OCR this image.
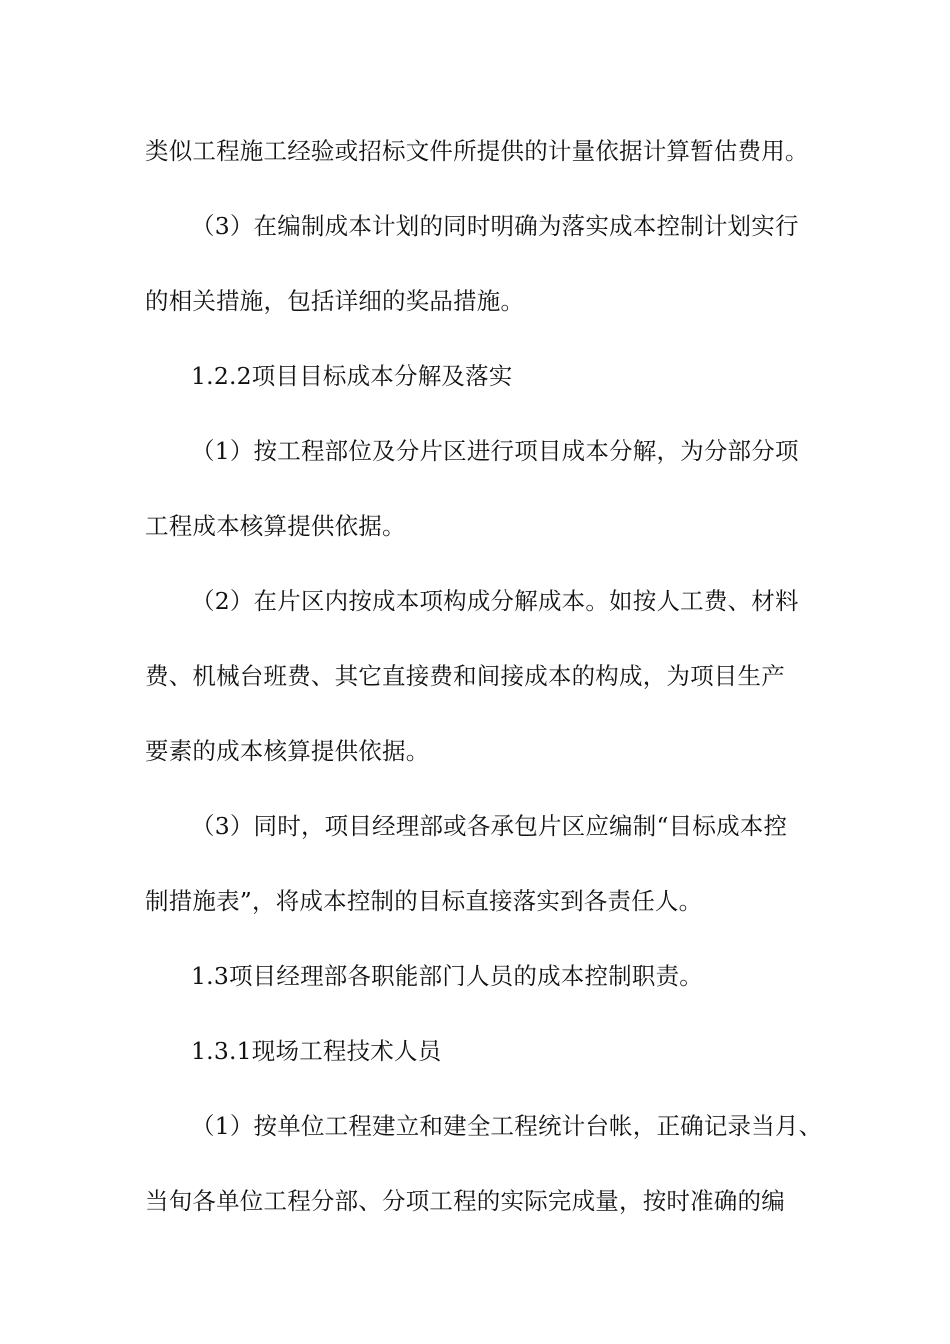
类似工程施工经验或招标文件所提供的计量依据计算暂估费用。
（3）在编制成本计划的同时明确为落实成本控制计划实行
的相关措施，包括详细的奖品措施。
1.2.2项目目标成本分解及落实
（1）按工程部位及分片区进行项目成本分解，为分部分项
工程成本核算提供依据。
（2）在片区内按成本项构成分解成本。如按人工费、材料
费、机械台班费、其它直接费和间接成本的构成，为项目生产
要素的成本核算提供依据。
（3）同时，项目经理部或各承包片区应编制“目标成本控
制措施表”，将成本控制的目标直接落实到各责任人。
1.3项目经理部各职能部门人员的成本控制职责。
1.3.1现场工程技术人员
（1）按单位工程建立和建全工程统计台帐，正确记录当月、
当旬各单位工程分部、分项工程的实际完成量，按时准确的编
